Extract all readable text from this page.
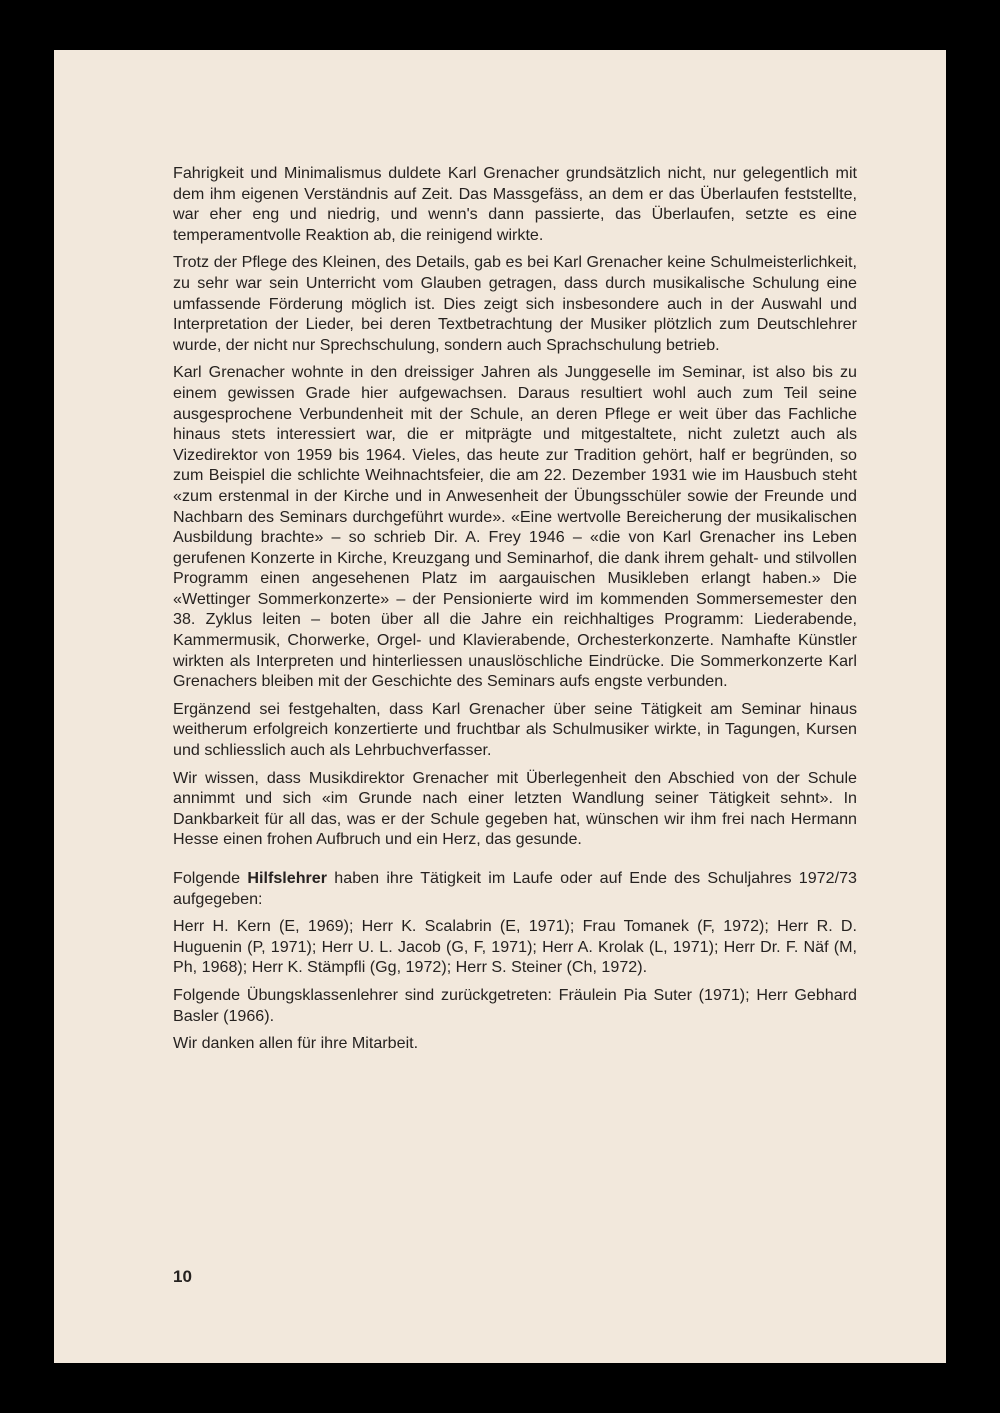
Fahrigkeit und Minimalismus duldete Karl Grenacher grundsätzlich nicht, nur gelegentlich mit dem ihm eigenen Verständnis auf Zeit. Das Massgefäss, an dem er das Überlaufen feststellte, war eher eng und niedrig, und wenn's dann passierte, das Überlaufen, setzte es eine temperamentvolle Reaktion ab, die reinigend wirkte.

Trotz der Pflege des Kleinen, des Details, gab es bei Karl Grenacher keine Schulmeisterlichkeit, zu sehr war sein Unterricht vom Glauben getragen, dass durch musikalische Schulung eine umfassende Förderung möglich ist. Dies zeigt sich insbesondere auch in der Auswahl und Interpretation der Lieder, bei deren Textbetrachtung der Musiker plötzlich zum Deutschlehrer wurde, der nicht nur Sprechschulung, sondern auch Sprachschulung betrieb.

Karl Grenacher wohnte in den dreissiger Jahren als Junggeselle im Seminar, ist also bis zu einem gewissen Grade hier aufgewachsen. Daraus resultiert wohl auch zum Teil seine ausgesprochene Verbundenheit mit der Schule, an deren Pflege er weit über das Fachliche hinaus stets interessiert war, die er mitprägte und mitgestaltete, nicht zuletzt auch als Vizedirektor von 1959 bis 1964. Vieles, das heute zur Tradition gehört, half er begründen, so zum Beispiel die schlichte Weihnachtsfeier, die am 22. Dezember 1931 wie im Hausbuch steht «zum erstenmal in der Kirche und in Anwesenheit der Übungsschüler sowie der Freunde und Nachbarn des Seminars durchgeführt wurde». «Eine wertvolle Bereicherung der musikalischen Ausbildung brachte» – so schrieb Dir. A. Frey 1946 – «die von Karl Grenacher ins Leben gerufenen Konzerte in Kirche, Kreuzgang und Seminarhof, die dank ihrem gehalt- und stilvollen Programm einen angesehenen Platz im aargauischen Musikleben erlangt haben.» Die «Wettinger Sommerkonzerte» – der Pensionierte wird im kommenden Sommersemester den 38. Zyklus leiten – boten über all die Jahre ein reichhaltiges Programm: Liederabende, Kammermusik, Chorwerke, Orgel- und Klavierabende, Orchesterkonzerte. Namhafte Künstler wirkten als Interpreten und hinterliessen unauslöschliche Eindrücke. Die Sommerkonzerte Karl Grenachers bleiben mit der Geschichte des Seminars aufs engste verbunden.

Ergänzend sei festgehalten, dass Karl Grenacher über seine Tätigkeit am Seminar hinaus weitherum erfolgreich konzertierte und fruchtbar als Schulmusiker wirkte, in Tagungen, Kursen und schliesslich auch als Lehrbuchverfasser.

Wir wissen, dass Musikdirektor Grenacher mit Überlegenheit den Abschied von der Schule annimmt und sich «im Grunde nach einer letzten Wandlung seiner Tätigkeit sehnt». In Dankbarkeit für all das, was er der Schule gegeben hat, wünschen wir ihm frei nach Hermann Hesse einen frohen Aufbruch und ein Herz, das gesunde.

Folgende Hilfslehrer haben ihre Tätigkeit im Laufe oder auf Ende des Schuljahres 1972/73 aufgegeben:

Herr H. Kern (E, 1969); Herr K. Scalabrin (E, 1971); Frau Tomanek (F, 1972); Herr R. D. Huguenin (P, 1971); Herr U. L. Jacob (G, F, 1971); Herr A. Krolak (L, 1971); Herr Dr. F. Näf (M, Ph, 1968); Herr K. Stämpfli (Gg, 1972); Herr S. Steiner (Ch, 1972).

Folgende Übungsklassenlehrer sind zurückgetreten: Fräulein Pia Suter (1971); Herr Gebhard Basler (1966).

Wir danken allen für ihre Mitarbeit.

10
